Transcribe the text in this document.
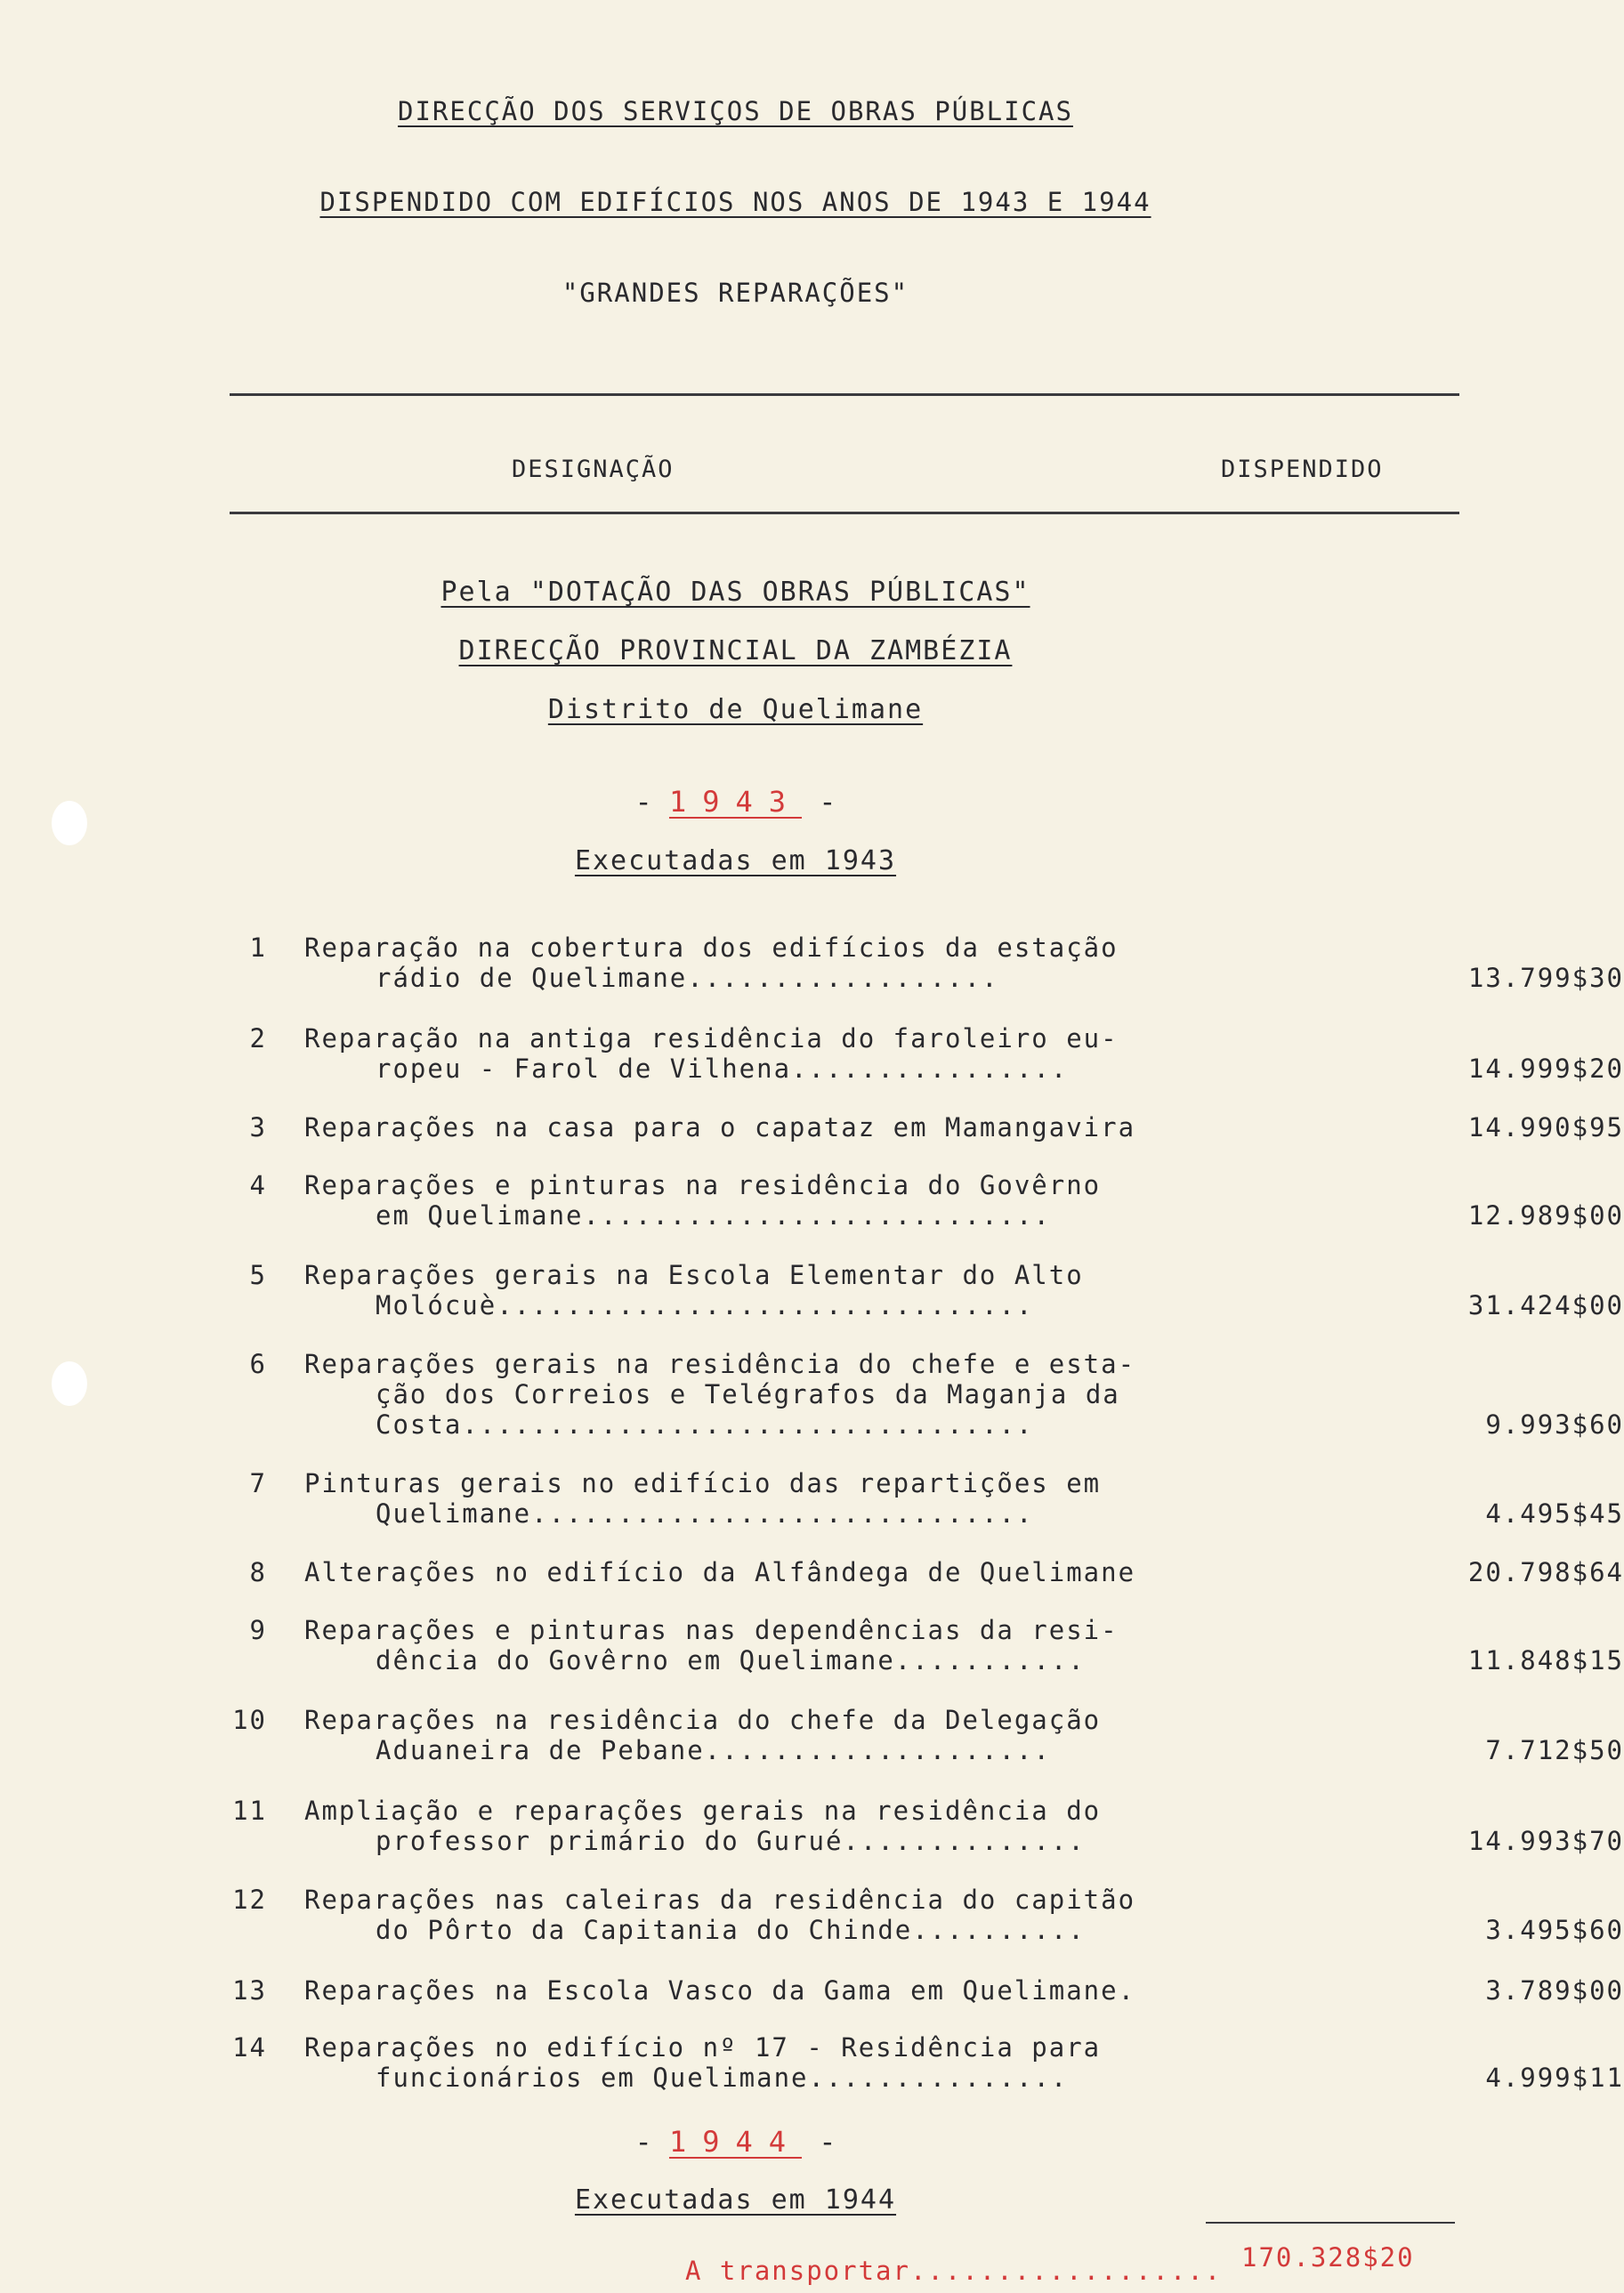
DIRECÇÃO DOS SERVIÇOS DE OBRAS PÚBLICAS
DISPENDIDO COM EDIFÍCIOS NOS ANOS DE 1943 E 1944
"GRANDES REPARAÇÕES"
DESIGNAÇÃO	DISPENDIDO
Pela "DOTAÇÃO DAS OBRAS PÚBLICAS"
DIRECÇÃO PROVINCIAL DA ZAMBÉZIA
Distrito de Quelimane
- 1943 -
Executadas em 1943
1 Reparação na cobertura dos edifícios da estação
rádio de Quelimane..................	13.799$30
2 Reparação na antiga residência do faroleiro eu-
ropeu - Farol de Vilhena................	14.999$20
3 Reparações na casa para o capataz em Mamangavira	14.990$95
4 Reparações e pinturas na residência do Govêrno
em Quelimane...........................	12.989$00
5 Reparações gerais na Escola Elementar do Alto
Molócuè...............................	31.424$00
6 Reparações gerais na residência do chefe e esta-
ção dos Correios e Telégrafos da Maganja da
Costa.................................	9.993$60
7 Pinturas gerais no edifício das repartições em
Quelimane.............................	4.495$45
8 Alterações no edifício da Alfândega de Quelimane	20.798$64
9 Reparações e pinturas nas dependências da resi-
dência do Govêrno em Quelimane...........	11.848$15
10 Reparações na residência do chefe da Delegação
Aduaneira de Pebane....................	7.712$50
11 Ampliação e reparações gerais na residência do
professor primário do Gurué..............	14.993$70
12 Reparações nas caleiras da residência do capitão
do Pôrto da Capitania do Chinde..........	3.495$60
13 Reparações na Escola Vasco da Gama em Quelimane.	3.789$00
14 Reparações no edifício nº 17 - Residência para
funcionários em Quelimane...............	4.999$11
- 1944 -
Executadas em 1944
A transportar.................. 170.328$20
